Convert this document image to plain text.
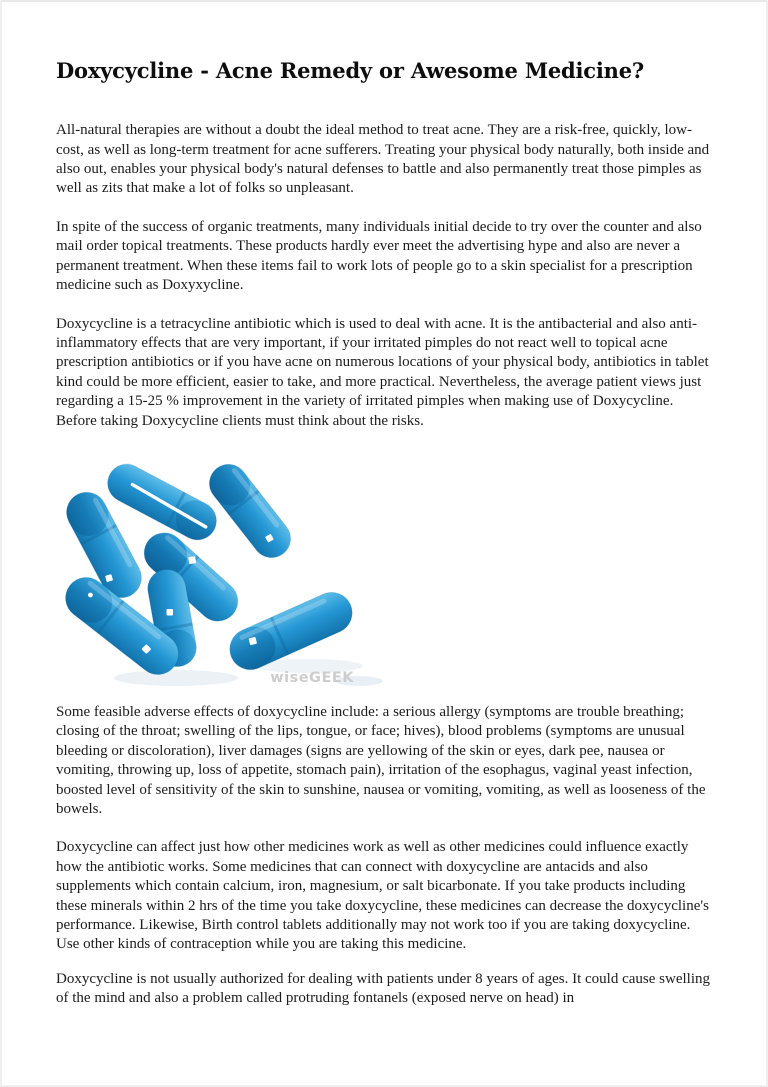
Doxycycline - Acne Remedy or Awesome Medicine?

All-natural therapies are without a doubt the ideal method to treat acne. They are a risk-free, quickly, low-cost, as well as long-term treatment for acne sufferers. Treating your physical body naturally, both inside and also out, enables your physical body's natural defenses to battle and also permanently treat those pimples as well as zits that make a lot of folks so unpleasant.

In spite of the success of organic treatments, many individuals initial decide to try over the counter and also mail order topical treatments. These products hardly ever meet the advertising hype and also are never a permanent treatment. When these items fail to work lots of people go to a skin specialist for a prescription medicine such as Doxyxycline.

Doxycycline is a tetracycline antibiotic which is used to deal with acne. It is the antibacterial and also anti-inflammatory effects that are very important, if your irritated pimples do not react well to topical acne prescription antibiotics or if you have acne on numerous locations of your physical body, antibiotics in tablet kind could be more efficient, easier to take, and more practical. Nevertheless, the average patient views just regarding a 15-25 % improvement in the variety of irritated pimples when making use of Doxycycline. Before taking Doxycycline clients must think about the risks.

wiseGEEK

Some feasible adverse effects of doxycycline include: a serious allergy (symptoms are trouble breathing; closing of the throat; swelling of the lips, tongue, or face; hives), blood problems (symptoms are unusual bleeding or discoloration), liver damages (signs are yellowing of the skin or eyes, dark pee, nausea or vomiting, throwing up, loss of appetite, stomach pain), irritation of the esophagus, vaginal yeast infection, boosted level of sensitivity of the skin to sunshine, nausea or vomiting, vomiting, as well as looseness of the bowels.

Doxycycline can affect just how other medicines work as well as other medicines could influence exactly how the antibiotic works. Some medicines that can connect with doxycycline are antacids and also supplements which contain calcium, iron, magnesium, or salt bicarbonate. If you take products including these minerals within 2 hrs of the time you take doxycycline, these medicines can decrease the doxycycline's performance. Likewise, Birth control tablets additionally may not work too if you are taking doxycycline. Use other kinds of contraception while you are taking this medicine.

Doxycycline is not usually authorized for dealing with patients under 8 years of ages. It could cause swelling of the mind and also a problem called protruding fontanels (exposed nerve on head) in
